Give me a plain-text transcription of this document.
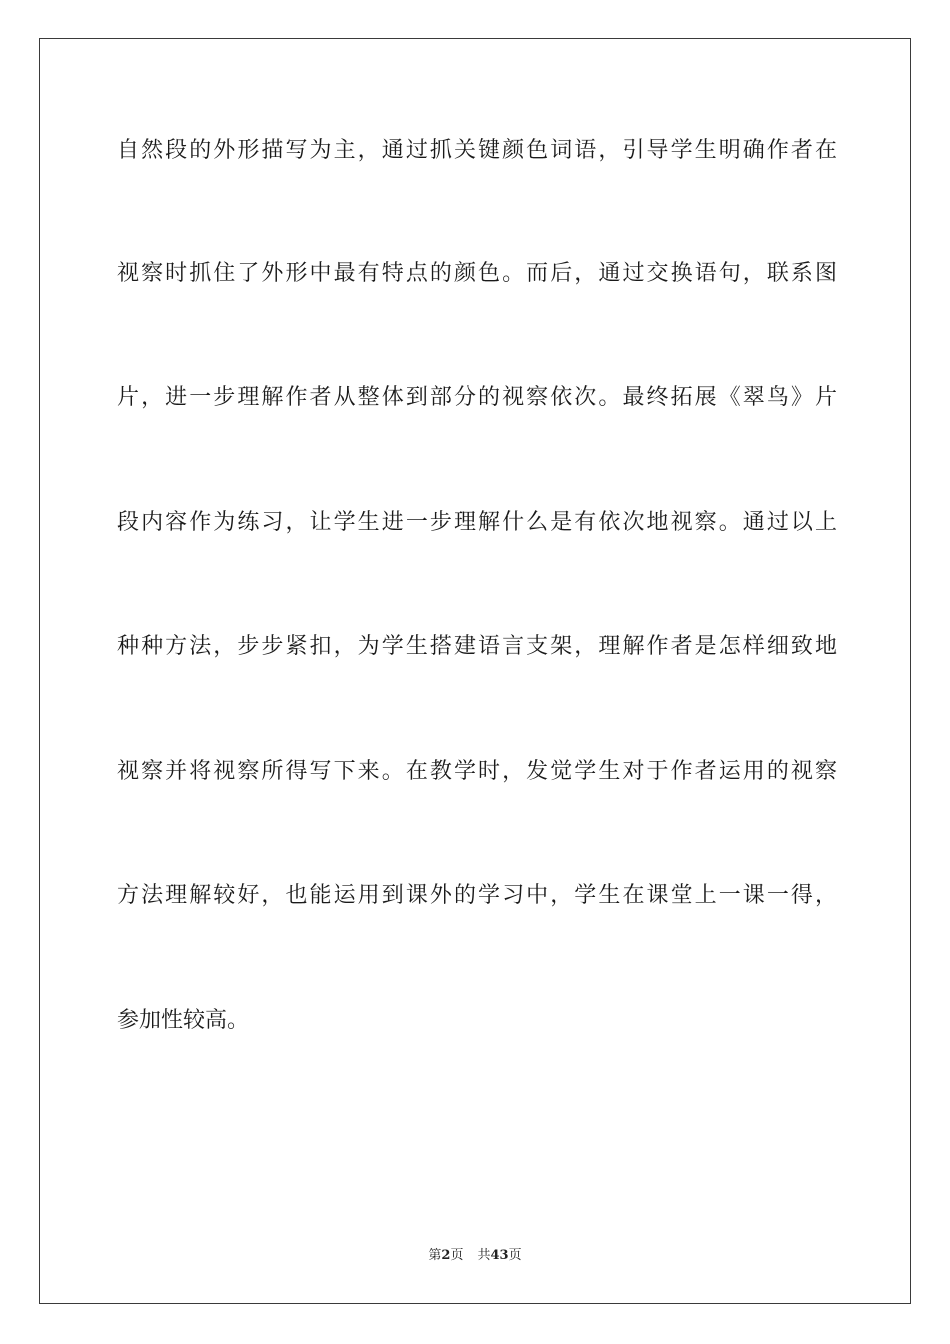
自然段的外形描写为主，通过抓关键颜色词语，引导学生明确作者在
视察时抓住了外形中最有特点的颜色。而后，通过交换语句，联系图
片，进一步理解作者从整体到部分的视察依次。最终拓展《翠鸟》片
段内容作为练习，让学生进一步理解什么是有依次地视察。通过以上
种种方法，步步紧扣，为学生搭建语言支架，理解作者是怎样细致地
视察并将视察所得写下来。在教学时，发觉学生对于作者运用的视察
方法理解较好，也能运用到课外的学习中，学生在课堂上一课一得，
参加性较高。
第2页 共43页
